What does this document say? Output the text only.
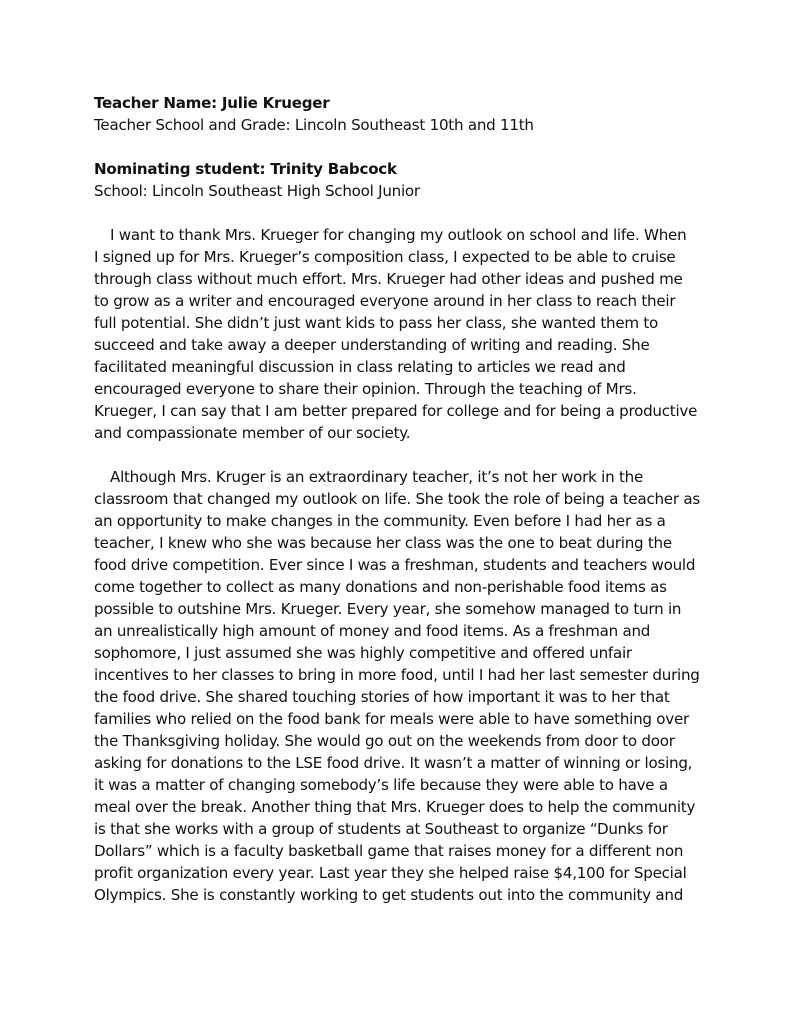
Teacher Name: Julie Krueger
Teacher School and Grade: Lincoln Southeast 10th and 11th
Nominating student: Trinity Babcock
School: Lincoln Southeast High School Junior
I want to thank Mrs. Krueger for changing my outlook on school and life. When
I signed up for Mrs. Krueger’s composition class, I expected to be able to cruise
through class without much effort. Mrs. Krueger had other ideas and pushed me
to grow as a writer and encouraged everyone around in her class to reach their
full potential. She didn’t just want kids to pass her class, she wanted them to
succeed and take away a deeper understanding of writing and reading. She
facilitated meaningful discussion in class relating to articles we read and
encouraged everyone to share their opinion. Through the teaching of Mrs.
Krueger, I can say that I am better prepared for college and for being a productive
and compassionate member of our society.
Although Mrs. Kruger is an extraordinary teacher, it’s not her work in the
classroom that changed my outlook on life. She took the role of being a teacher as
an opportunity to make changes in the community. Even before I had her as a
teacher, I knew who she was because her class was the one to beat during the
food drive competition. Ever since I was a freshman, students and teachers would
come together to collect as many donations and non-perishable food items as
possible to outshine Mrs. Krueger. Every year, she somehow managed to turn in
an unrealistically high amount of money and food items. As a freshman and
sophomore, I just assumed she was highly competitive and offered unfair
incentives to her classes to bring in more food, until I had her last semester during
the food drive. She shared touching stories of how important it was to her that
families who relied on the food bank for meals were able to have something over
the Thanksgiving holiday. She would go out on the weekends from door to door
asking for donations to the LSE food drive. It wasn’t a matter of winning or losing,
it was a matter of changing somebody’s life because they were able to have a
meal over the break. Another thing that Mrs. Krueger does to help the community
is that she works with a group of students at Southeast to organize “Dunks for
Dollars” which is a faculty basketball game that raises money for a different non
profit organization every year. Last year they she helped raise $4,100 for Special
Olympics. She is constantly working to get students out into the community and
